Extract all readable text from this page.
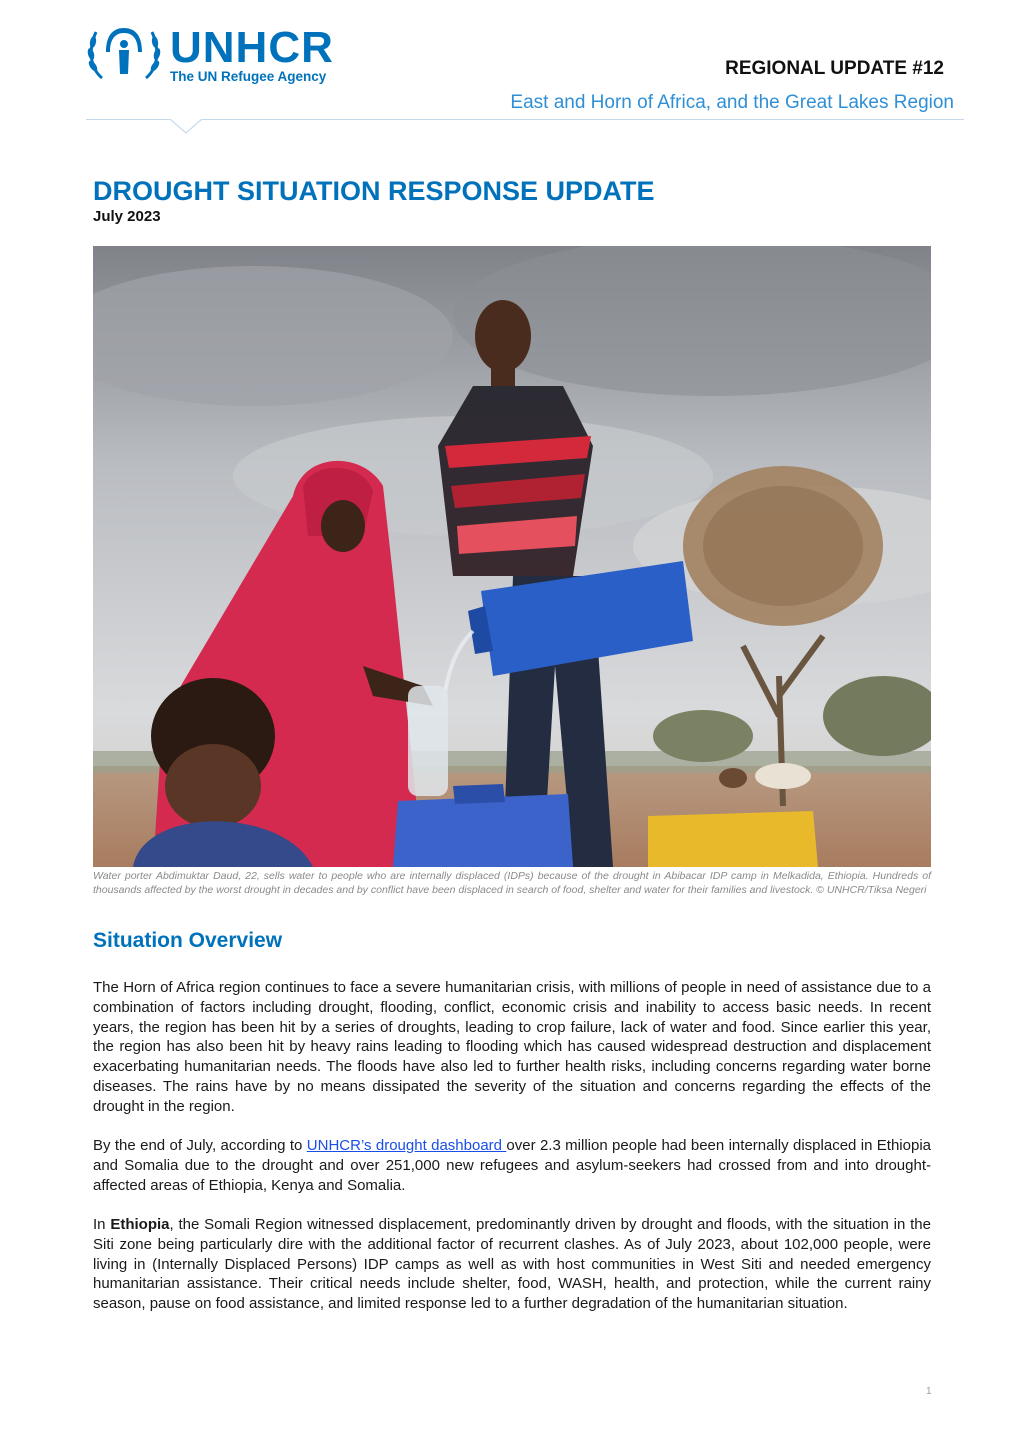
UNHCR
The UN Refugee Agency	REGIONAL UPDATE #12
East and Horn of Africa, and the Great Lakes Region
DROUGHT SITUATION RESPONSE UPDATE
July 2023
Water porter Abdimuktar Daud, 22, sells water to people who are internally displaced (IDPs) because of the drought in Abibacar IDP camp in Melkadida, Ethiopia. Hundreds of thousands affected by the worst drought in decades and by conflict have been displaced in search of food, shelter and water for their families and livestock. © UNHCR/Tiksa Negeri
Situation Overview

The Horn of Africa region continues to face a severe humanitarian crisis, with millions of people in need of assistance due to a combination of factors including drought, flooding, conflict, economic crisis and inability to access basic needs. In recent years, the region has been hit by a series of droughts, leading to crop failure, lack of water and food. Since earlier this year, the region has also been hit by heavy rains leading to flooding which has caused widespread destruction and displacement exacerbating humanitarian needs. The floods have also led to further health risks, including concerns regarding water borne diseases. The rains have by no means dissipated the severity of the situation and concerns regarding the effects of the drought in the region.

By the end of July, according to UNHCR’s drought dashboard over 2.3 million people had been internally displaced in Ethiopia and Somalia due to the drought and over 251,000 new refugees and asylum-seekers had crossed from and into drought-affected areas of Ethiopia, Kenya and Somalia.

In Ethiopia, the Somali Region witnessed displacement, predominantly driven by drought and floods, with the situation in the Siti zone being particularly dire with the additional factor of recurrent clashes. As of July 2023, about 102,000 people, were living in (Internally Displaced Persons) IDP camps as well as with host communities in West Siti and needed emergency humanitarian assistance. Their critical needs include shelter, food, WASH, health, and protection, while the current rainy season, pause on food assistance, and limited response led to a further degradation of the humanitarian situation.

1
